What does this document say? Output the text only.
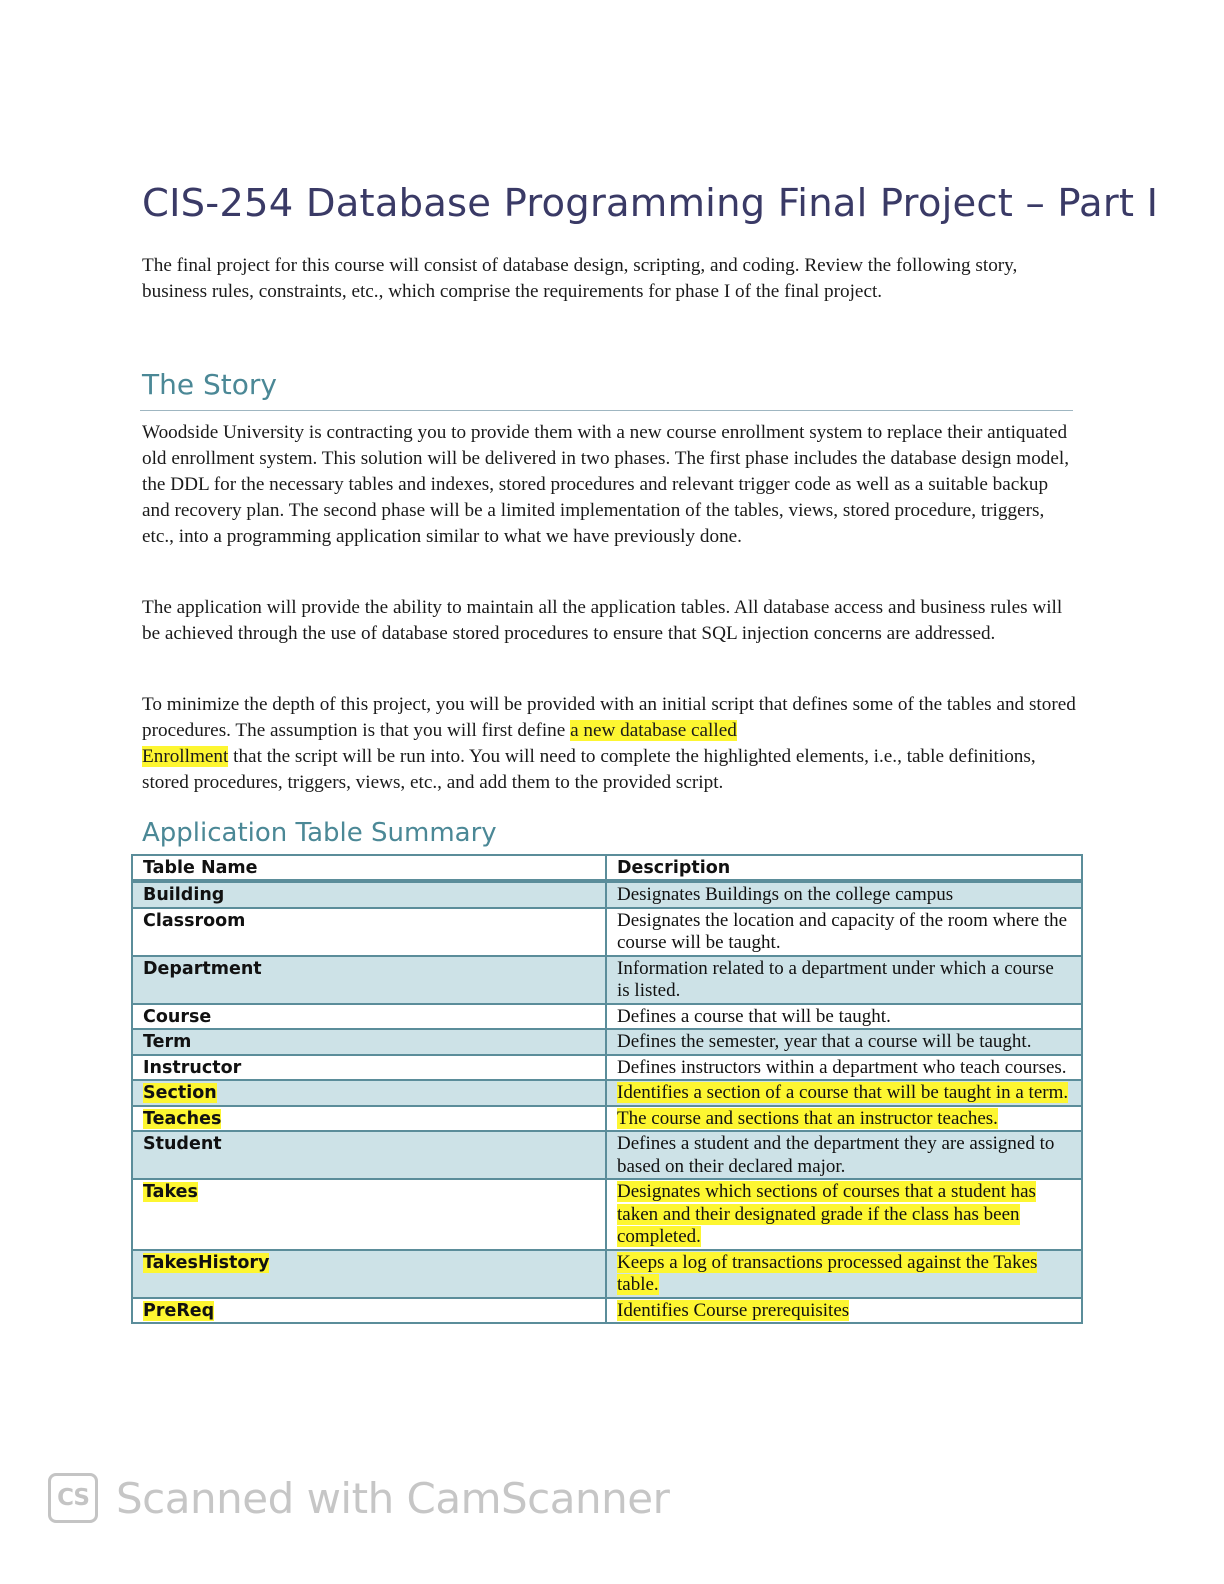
CIS-254 Database Programming Final Project – Part I

The final project for this course will consist of database design, scripting, and coding. Review the following story, business rules, constraints, etc., which comprise the requirements for phase I of the final project.

The Story

Woodside University is contracting you to provide them with a new course enrollment system to replace their antiquated old enrollment system. This solution will be delivered in two phases. The first phase includes the database design model, the DDL for the necessary tables and indexes, stored procedures and relevant trigger code as well as a suitable backup and recovery plan. The second phase will be a limited implementation of the tables, views, stored procedure, triggers, etc., into a programming application similar to what we have previously done.

The application will provide the ability to maintain all the application tables. All database access and business rules will be achieved through the use of database stored procedures to ensure that SQL injection concerns are addressed.

To minimize the depth of this project, you will be provided with an initial script that defines some of the tables and stored procedures. The assumption is that you will first define a new database called
Enrollment that the script will be run into. You will need to complete the highlighted elements, i.e., table definitions, stored procedures, triggers, views, etc., and add them to the provided script.

Application Table Summary
Table Name	Description
Building	Designates Buildings on the college campus
Classroom	Designates the location and capacity of the room where the course will be taught.
Department	Information related to a department under which a course is listed.
Course	Defines a course that will be taught.
Term	Defines the semester, year that a course will be taught.
Instructor	Defines instructors within a department who teach courses.
Section	Identifies a section of a course that will be taught in a term.
Teaches	The course and sections that an instructor teaches.
Student	Defines a student and the department they are assigned to based on their declared major.
Takes	Designates which sections of courses that a student has taken and their designated grade if the class has been completed.
TakesHistory	Keeps a log of transactions processed against the Takes table.
PreReq	Identifies Course prerequisites
CS Scanned with CamScanner
